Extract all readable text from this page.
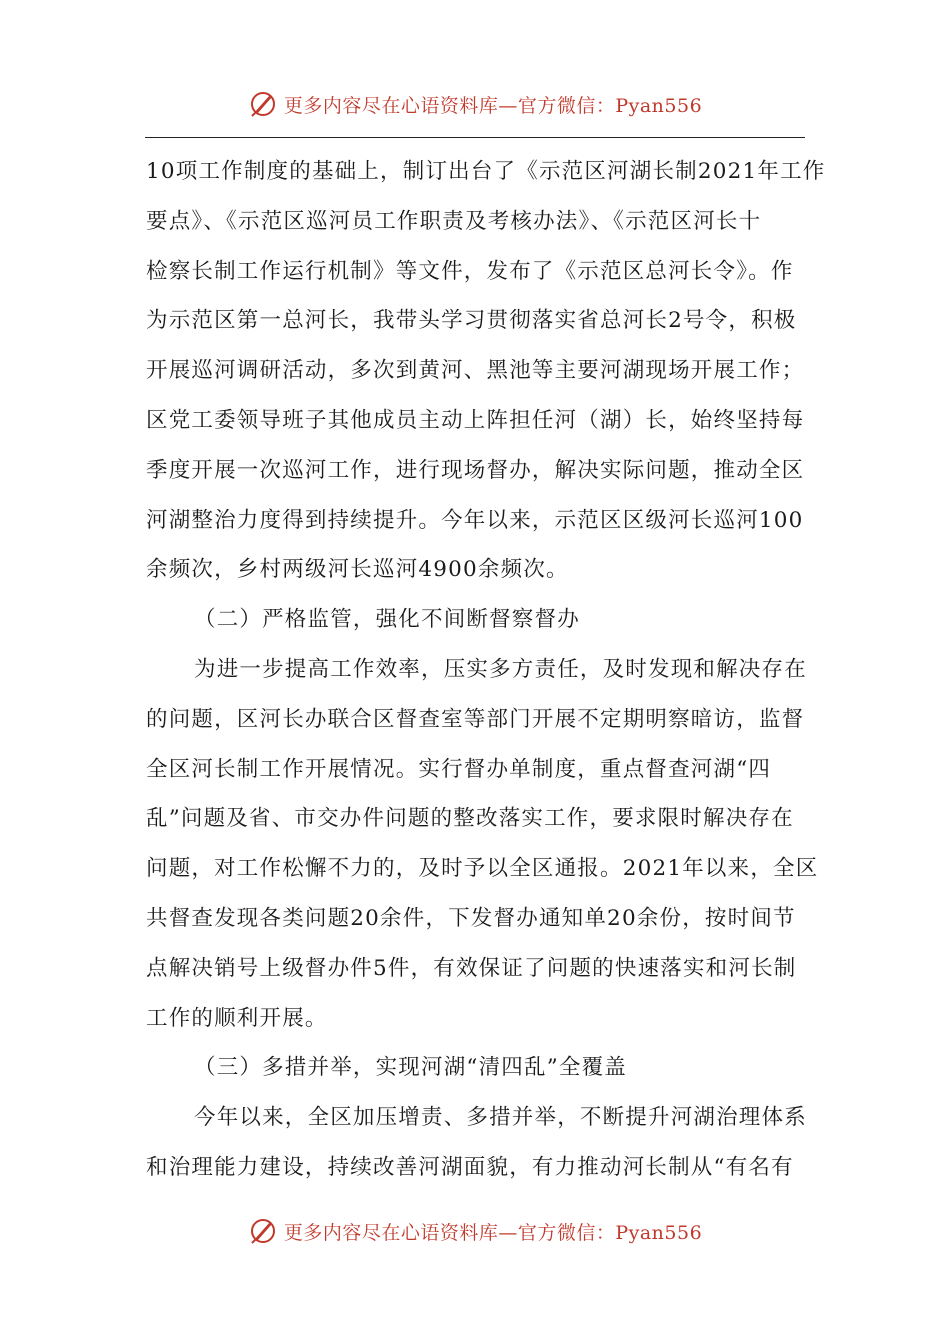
更多内容尽在心语资料库—官方微信：Pyan556

10项工作制度的基础上，制订出台了《示范区河湖长制2021年工作
要点》、《示范区巡河员工作职责及考核办法》、《示范区河长十
检察长制工作运行机制》等文件，发布了《示范区总河长令》。作
为示范区第一总河长，我带头学习贯彻落实省总河长2号令，积极
开展巡河调研活动，多次到黄河、黑池等主要河湖现场开展工作；
区党工委领导班子其他成员主动上阵担任河（湖）长，始终坚持每
季度开展一次巡河工作，进行现场督办，解决实际问题，推动全区
河湖整治力度得到持续提升。今年以来，示范区区级河长巡河100
余频次，乡村两级河长巡河4900余频次。

（二）严格监管，强化不间断督察督办

为进一步提高工作效率，压实多方责任，及时发现和解决存在
的问题，区河长办联合区督查室等部门开展不定期明察暗访，监督
全区河长制工作开展情况。实行督办单制度，重点督查河湖“四
乱”问题及省、市交办件问题的整改落实工作，要求限时解决存在
问题，对工作松懈不力的，及时予以全区通报。2021年以来，全区
共督查发现各类问题20余件，下发督办通知单20余份，按时间节
点解决销号上级督办件5件，有效保证了问题的快速落实和河长制
工作的顺利开展。

（三）多措并举，实现河湖“清四乱”全覆盖

今年以来，全区加压增责、多措并举，不断提升河湖治理体系
和治理能力建设，持续改善河湖面貌，有力推动河长制从“有名有

更多内容尽在心语资料库—官方微信：Pyan556
